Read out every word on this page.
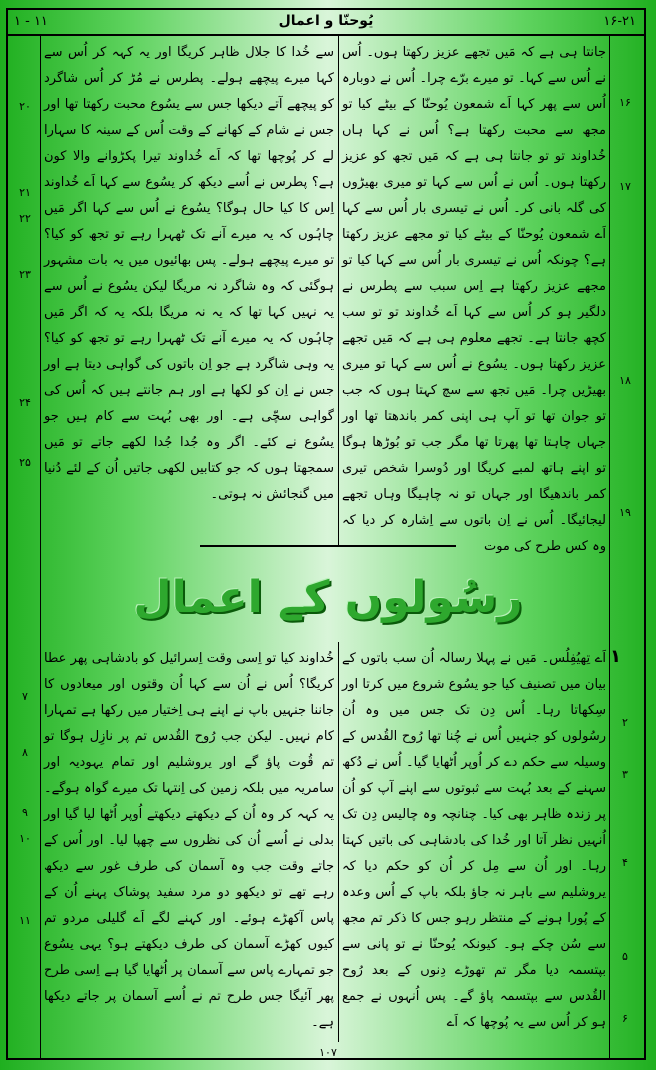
۱ - ۱۱	یُوحنّا و اعمال	۱۶-۲۱

جانتا ہی ہے کہ مَیں تجھے عزیز رکھتا ہوں۔ اُس نے اُس سے کہا۔ تو میرے برّے چرا۔ اُس نے دوبارہ اُس سے پھر کہا اَے شمعون یُوحنّا کے بیٹے کیا تو مجھ سے محبت رکھتا ہے؟ اُس نے کہا ہاں خُداوند تو تو جانتا ہی ہے کہ مَیں تجھ کو عزیز رکھتا ہوں۔ اُس نے اُس سے کہا تو میری بھیڑوں کی گلہ بانی کر۔ اُس نے تیسری بار اُس سے کہا اَے شمعون یُوحنّا کے بیٹے کیا تو مجھے عزیز رکھتا ہے؟ چونکہ اُس نے تیسری بار اُس سے کہا کیا تو مجھے عزیز رکھتا ہے اِس سبب سے پطرس نے دلگیر ہو کر اُس سے کہا اَے خُداوند تو تو سب کچھ جانتا ہے۔ تجھے معلوم ہی ہے کہ مَیں تجھے عزیز رکھتا ہوں۔ یسُوع نے اُس سے کہا تو میری بھیڑیں چرا۔ مَیں تجھ سے سچ کہتا ہوں کہ جب تو جوان تھا تو آپ ہی اپنی کمر باندھتا تھا اور جہاں چاہتا تھا پھرتا تھا مگر جب تو بُوڑھا ہوگا تو اپنے ہاتھ لمبے کریگا اور دُوسرا شخص تیری کمر باندھیگا اور جہاں تو نہ چاہیگا وہاں تجھے لیجائیگا۔ اُس نے اِن باتوں سے اِشارہ کر دیا کہ وہ کس طرح کی موت

سے خُدا کا جلال ظاہر کریگا اور یہ کہہ کر اُس سے کہا میرے پیچھے ہولے۔ پطرس نے مُڑ کر اُس شاگرد کو پیچھے آتے دیکھا جس سے یسُوع محبت رکھتا تھا اور جس نے شام کے کھانے کے وقت اُس کے سینہ کا سہارا لے کر پُوچھا تھا کہ اَے خُداوند تیرا پکڑوانے والا کون ہے؟ پطرس نے اُسے دیکھ کر یسُوع سے کہا اَے خُداوند اِس کا کیا حال ہوگا؟ یسُوع نے اُس سے کہا اگر مَیں چاہُوں کہ یہ میرے آنے تک ٹھہرا رہے تو تجھ کو کیا؟ تو میرے پیچھے ہولے۔ پس بھائیوں میں یہ بات مشہور ہوگئی کہ وہ شاگرد نہ مریگا لیکن یسُوع نے اُس سے یہ نہیں کہا تھا کہ یہ نہ مریگا بلکہ یہ کہ اگر مَیں چاہُوں کہ یہ میرے آنے تک ٹھہرا رہے تو تجھ کو کیا؟ یہ وہی شاگرد ہے جو اِن باتوں کی گواہی دیتا ہے اور جس نے اِن کو لکھا ہے اور ہم جانتے ہیں کہ اُس کی گواہی سچّی ہے۔ اور بھی بُہت سے کام ہیں جو یسُوع نے کئے۔ اگر وہ جُدا جُدا لکھے جاتے تو مَیں سمجھتا ہوں کہ جو کتابیں لکھی جاتیں اُن کے لئے دُنیا میں گنجائش نہ ہوتی۔

۱۶
۱۷
۱۸
۱۹
۲۰
۲۱
۲۲
۲۳
۲۴
۲۵
رسُولوں کے اعمال
۱

اَے تِھیُفِلُس۔ مَیں نے پہلا رسالہ اُن سب باتوں کے بیان میں تصنیف کیا جو یسُوع شروع میں کرتا اور سِکھاتا رہا۔ اُس دِن تک جس میں وہ اُن رسُولوں کو جنہیں اُس نے چُنا تھا رُوح القُدس کے وسیلہ سے حکم دے کر اُوپر اُٹھایا گیا۔ اُس نے دُکھ سہنے کے بعد بُہت سے ثبوتوں سے اپنے آپ کو اُن پر زندہ ظاہر بھی کیا۔ چنانچہ وہ چالیس دِن تک اُنہیں نظر آتا اور خُدا کی بادشاہی کی باتیں کہتا رہا۔ اور اُن سے مِل کر اُن کو حکم دیا کہ یروشلیم سے باہر نہ جاؤ بلکہ باپ کے اُس وعدہ کے پُورا ہونے کے منتظر رہو جس کا ذکر تم مجھ سے سُن چکے ہو۔ کیونکہ یُوحنّا نے تو پانی سے بپتسمہ دیا مگر تم تھوڑے دِنوں کے بعد رُوح القُدس سے بپتسمہ پاؤ گے۔ پس اُنہوں نے جمع ہو کر اُس سے یہ پُوچھا کہ اَے

خُداوند کیا تو اِسی وقت اِسرائیل کو بادشاہی پھر عطا کریگا؟ اُس نے اُن سے کہا اُن وقتوں اور میعادوں کا جاننا جنہیں باپ نے اپنے ہی اِختیار میں رکھا ہے تمہارا کام نہیں۔ لیکن جب رُوح القُدس تم پر نازِل ہوگا تو تم قُوت پاؤ گے اور یروشلیم اور تمام یہودیہ اور سامریہ میں بلکہ زمین کی اِنتہا تک میرے گواہ ہوگے۔ یہ کہہ کر وہ اُن کے دیکھتے دیکھتے اُوپر اُٹھا لیا گیا اور بدلی نے اُسے اُن کی نظروں سے چھپا لیا۔ اور اُس کے جاتے وقت جب وہ آسمان کی طرف غور سے دیکھ رہے تھے تو دیکھو دو مرد سفید پوشاک پہنے اُن کے پاس آکھڑے ہوئے۔ اور کہنے لگے اَے گلیلی مردو تم کیوں کھڑے آسمان کی طرف دیکھتے ہو؟ یہی یسُوع جو تمہارے پاس سے آسمان پر اُٹھایا گیا ہے اِسی طرح پھر آئیگا جس طرح تم نے اُسے آسمان پر جاتے دیکھا ہے۔

۲
۳
۴
۵
۶
۷
۸
۹
۱۰
۱۱
۱۰۷
